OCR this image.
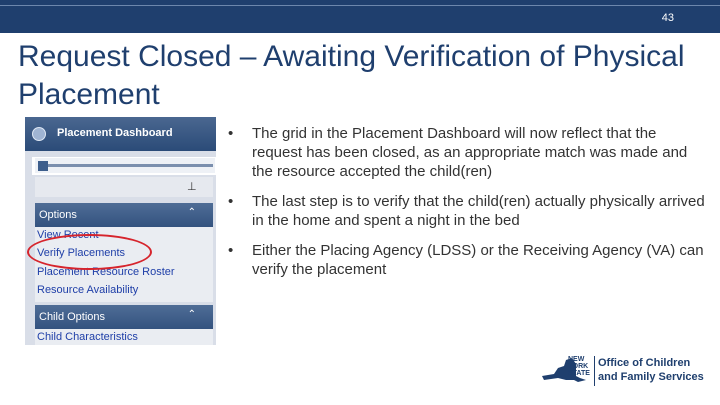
43
Request Closed – Awaiting Verification of Physical Placement
Placement Dashboard
⊥
Options	⌃
View Recent
Verify Placements
Placement Resource Roster
Resource Availability
Child Options	⌃
Child Characteristics
• The grid in the Placement Dashboard will now reflect that the request has been closed, as an appropriate match was made and the resource accepted the child(ren)
• The last step is to verify that the child(ren) actually physically arrived in the home and spent a night in the bed
• Either the Placing Agency (LDSS) or the Receiving Agency (VA) can verify the placement
NEW
YORK
STATE
Office of Children
and Family Services
